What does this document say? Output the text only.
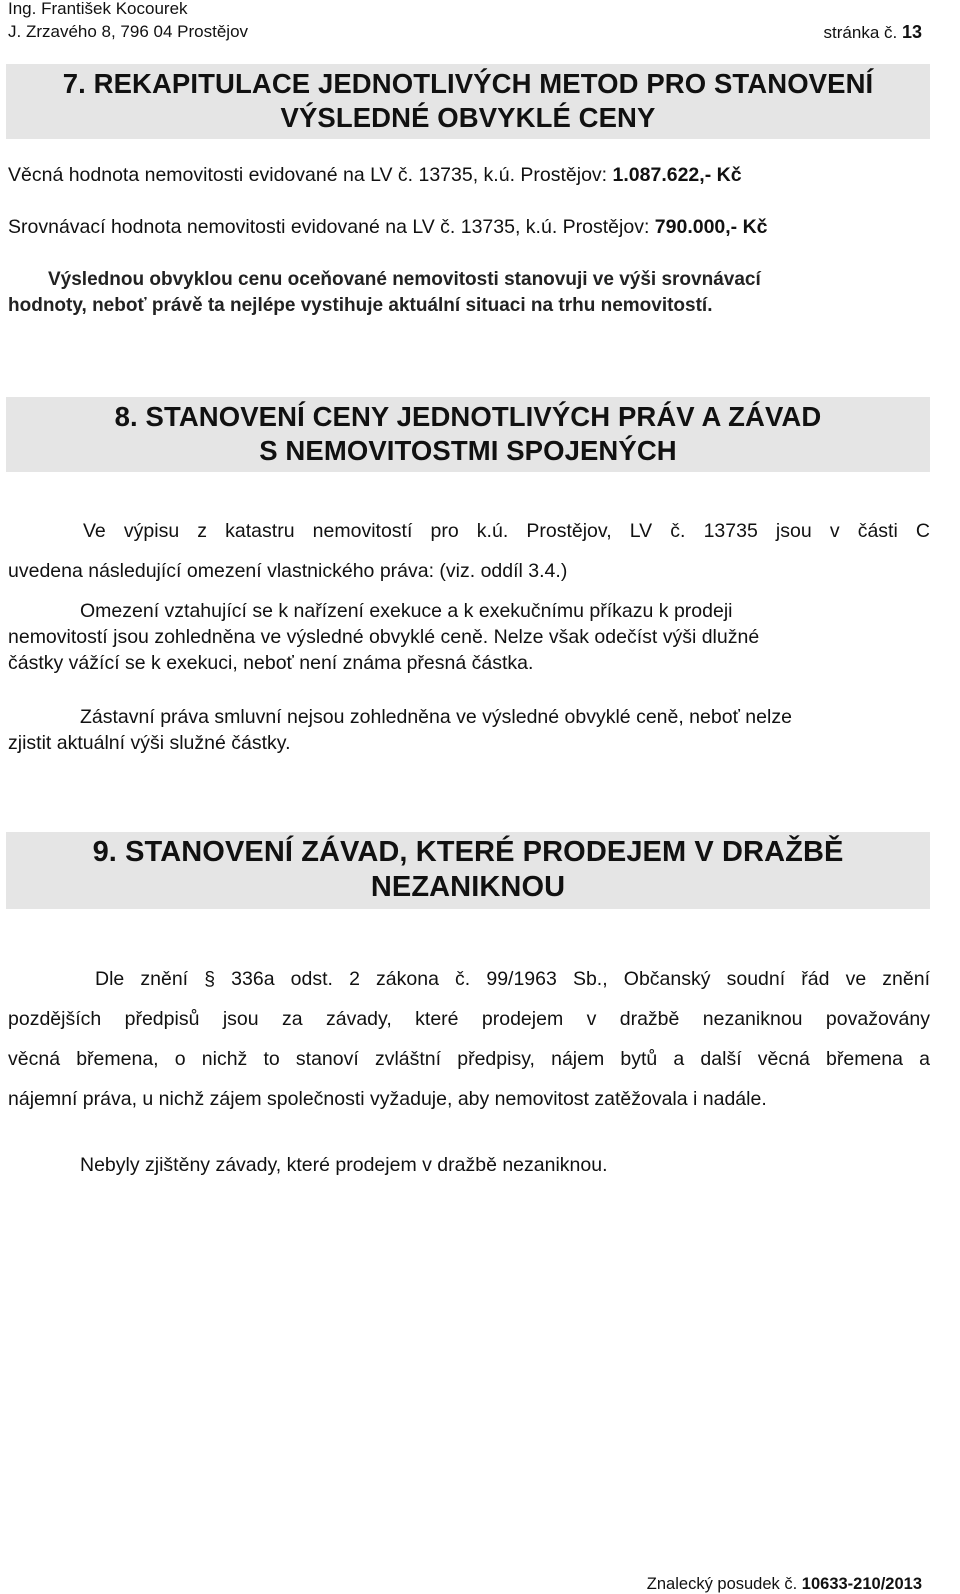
Ing. František Kocourek
J. Zrzavého 8, 796 04 Prostějov	stránka č. 13
7. REKAPITULACE JEDNOTLIVÝCH METOD PRO STANOVENÍ
VÝSLEDNÉ OBVYKLÉ CENY
Věcná hodnota nemovitosti evidované na LV č. 13735, k.ú. Prostějov: 1.087.622,- Kč
Srovnávací hodnota nemovitosti evidované na LV č. 13735, k.ú. Prostějov: 790.000,- Kč
Výslednou obvyklou cenu oceňované nemovitosti stanovuji ve výši srovnávací
hodnoty, neboť právě ta nejlépe vystihuje aktuální situaci na trhu nemovitostí.
8. STANOVENÍ CENY JEDNOTLIVÝCH PRÁV A ZÁVAD
S NEMOVITOSTMI SPOJENÝCH
Ve výpisu z katastru nemovitostí pro k.ú. Prostějov, LV č. 13735 jsou v části C
uvedena následující omezení vlastnického práva: (viz. oddíl 3.4.)
Omezení vztahující se k nařízení exekuce a k exekučnímu příkazu k prodeji
nemovitostí jsou zohledněna ve výsledné obvyklé ceně. Nelze však odečíst výši dlužné
částky vážící se k exekuci, neboť není známa přesná částka.
Zástavní práva smluvní nejsou zohledněna ve výsledné obvyklé ceně, neboť nelze
zjistit aktuální výši služné částky.
9. STANOVENÍ ZÁVAD, KTERÉ PRODEJEM V DRAŽBĚ
NEZANIKNOU
Dle znění § 336a odst. 2 zákona č. 99/1963 Sb., Občanský soudní řád ve znění
pozdějších předpisů jsou za závady, které prodejem v dražbě nezaniknou považovány
věcná břemena, o nichž to stanoví zvláštní předpisy, nájem bytů a další věcná břemena a
nájemní práva, u nichž zájem společnosti vyžaduje, aby nemovitost zatěžovala i nadále.
Nebyly zjištěny závady, které prodejem v dražbě nezaniknou.
Znalecký posudek č. 10633-210/2013
